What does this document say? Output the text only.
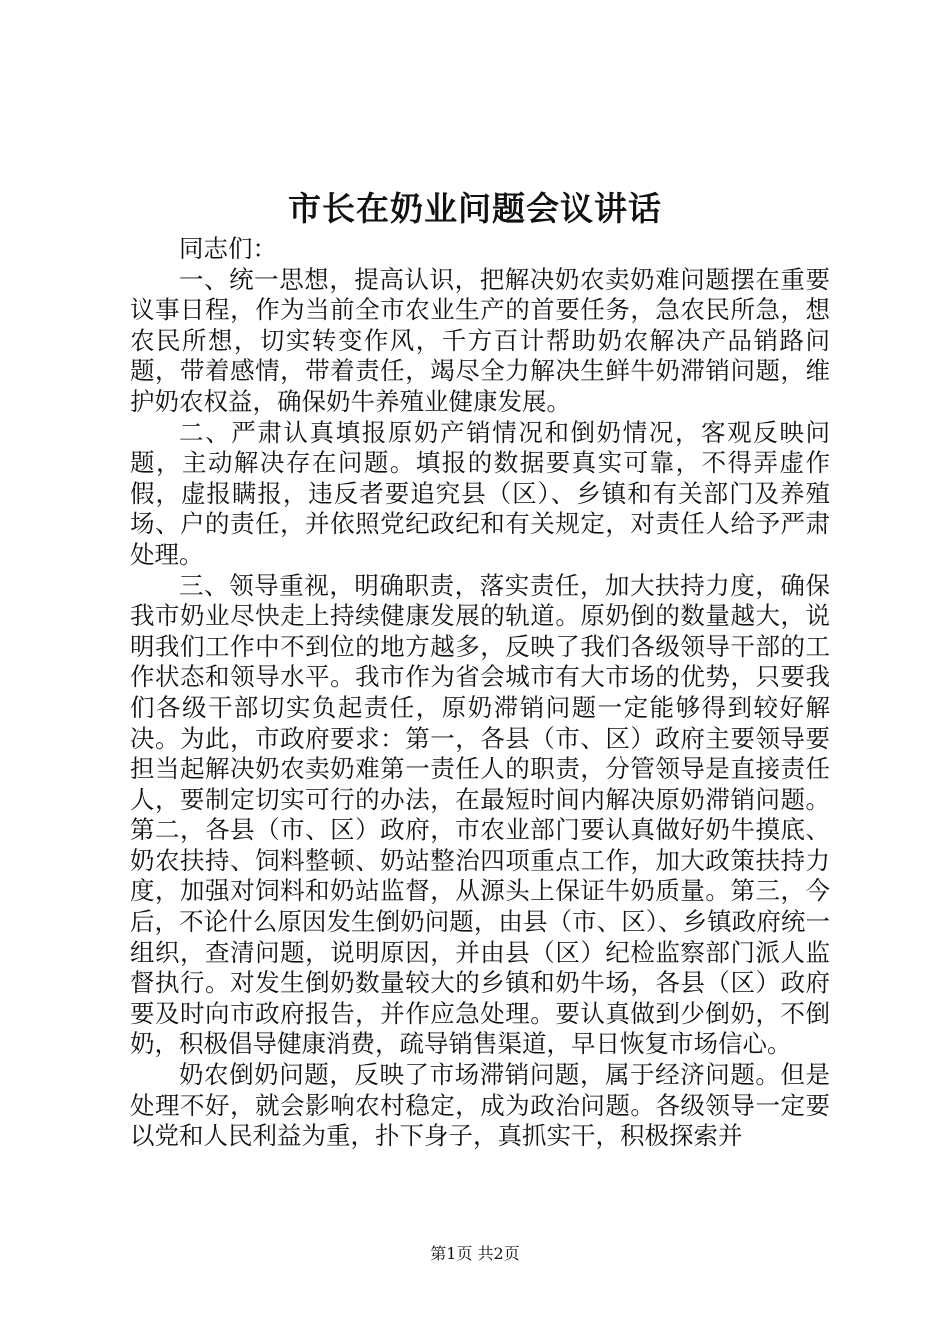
市长在奶业问题会议讲话

同志们：

一、统一思想，提高认识，把解决奶农卖奶难问题摆在重要议事日程，作为当前全市农业生产的首要任务，急农民所急，想农民所想，切实转变作风，千方百计帮助奶农解决产品销路问题，带着感情，带着责任，竭尽全力解决生鲜牛奶滞销问题，维护奶农权益，确保奶牛养殖业健康发展。

二、严肃认真填报原奶产销情况和倒奶情况，客观反映问题，主动解决存在问题。填报的数据要真实可靠，不得弄虚作假，虚报瞒报，违反者要追究县（区）、乡镇和有关部门及养殖场、户的责任，并依照党纪政纪和有关规定，对责任人给予严肃处理。

三、领导重视，明确职责，落实责任，加大扶持力度，确保我市奶业尽快走上持续健康发展的轨道。原奶倒的数量越大，说明我们工作中不到位的地方越多，反映了我们各级领导干部的工作状态和领导水平。我市作为省会城市有大市场的优势，只要我们各级干部切实负起责任，原奶滞销问题一定能够得到较好解决。为此，市政府要求：第一，各县（市、区）政府主要领导要担当起解决奶农卖奶难第一责任人的职责，分管领导是直接责任人，要制定切实可行的办法，在最短时间内解决原奶滞销问题。第二，各县（市、区）政府，市农业部门要认真做好奶牛摸底、奶农扶持、饲料整顿、奶站整治四项重点工作，加大政策扶持力度，加强对饲料和奶站监督，从源头上保证牛奶质量。第三，今后，不论什么原因发生倒奶问题，由县（市、区）、乡镇政府统一组织，查清问题，说明原因，并由县（区）纪检监察部门派人监督执行。对发生倒奶数量较大的乡镇和奶牛场，各县（区）政府要及时向市政府报告，并作应急处理。要认真做到少倒奶，不倒奶，积极倡导健康消费，疏导销售渠道，早日恢复市场信心。

奶农倒奶问题，反映了市场滞销问题，属于经济问题。但是处理不好，就会影响农村稳定，成为政治问题。各级领导一定要以党和人民利益为重，扑下身子，真抓实干，积极探索并

第1页 共2页
